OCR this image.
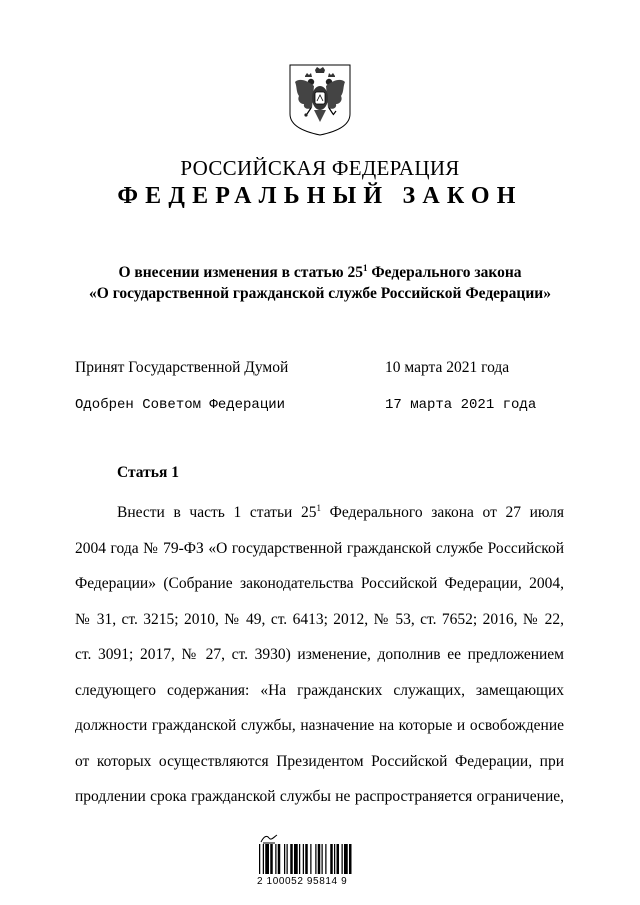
РОССИЙСКАЯ ФЕДЕРАЦИЯ
ФЕДЕРАЛЬНЫЙ ЗАКОН
О внесении изменения в статью $25^1$ Федерального закона
«О государственной гражданской службе Российской Федерации»
Принят Государственной Думой	10 марта 2021 года
Одобрен Советом Федерации	17 марта 2021 года
Статья 1
Внести в часть 1 статьи $25^1$ Федерального закона от 27 июля
2004 года № 79-ФЗ «О государственной гражданской службе Российской
Федерации» (Собрание законодательства Российской Федерации, 2004,
№ 31, ст. 3215; 2010, № 49, ст. 6413; 2012, № 53, ст. 7652; 2016, № 22,
ст. 3091; 2017, № 27, ст. 3930) изменение, дополнив ее предложением
следующего содержания: «На гражданских служащих, замещающих
должности гражданской службы, назначение на которые и освобождение
от которых осуществляются Президентом Российской Федерации, при
продлении срока гражданской службы не распространяется ограничение,
2 100052 95814 9
